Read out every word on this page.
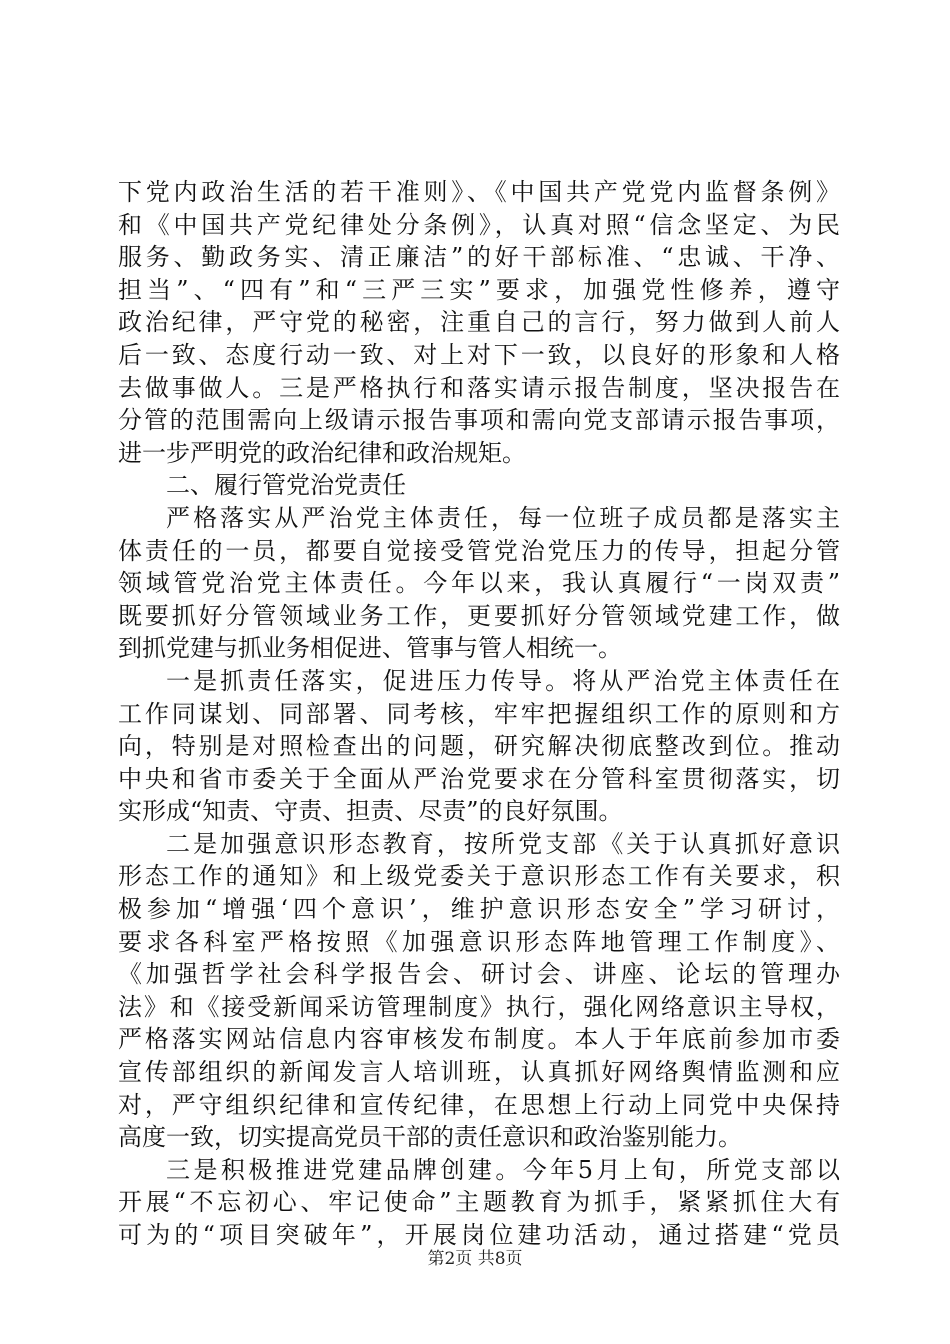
下党内政治生活的若干准则》、《中国共产党党内监督条例》
和《中国共产党纪律处分条例》，认真对照“信念坚定、为民
服务、勤政务实、清正廉洁”的好干部标准、“忠诚、干净、
担当”、“四有”和“三严三实”要求，加强党性修养，遵守
政治纪律，严守党的秘密，注重自己的言行，努力做到人前人
后一致、态度行动一致、对上对下一致，以良好的形象和人格
去做事做人。三是严格执行和落实请示报告制度，坚决报告在
分管的范围需向上级请示报告事项和需向党支部请示报告事项，
进一步严明党的政治纪律和政治规矩。
二、履行管党治党责任
严格落实从严治党主体责任，每一位班子成员都是落实主
体责任的一员，都要自觉接受管党治党压力的传导，担起分管
领域管党治党主体责任。今年以来，我认真履行“一岗双责”
既要抓好分管领域业务工作，更要抓好分管领域党建工作，做
到抓党建与抓业务相促进、管事与管人相统一。
一是抓责任落实，促进压力传导。将从严治党主体责任在
工作同谋划、同部署、同考核，牢牢把握组织工作的原则和方
向，特别是对照检查出的问题，研究解决彻底整改到位。推动
中央和省市委关于全面从严治党要求在分管科室贯彻落实，切
实形成“知责、守责、担责、尽责”的良好氛围。
二是加强意识形态教育，按所党支部《关于认真抓好意识
形态工作的通知》和上级党委关于意识形态工作有关要求，积
极参加“增强‘四个意识’，维护意识形态安全”学习研讨，
要求各科室严格按照《加强意识形态阵地管理工作制度》、
《加强哲学社会科学报告会、研讨会、讲座、论坛的管理办
法》和《接受新闻采访管理制度》执行，强化网络意识主导权，
严格落实网站信息内容审核发布制度。本人于年底前参加市委
宣传部组织的新闻发言人培训班，认真抓好网络舆情监测和应
对，严守组织纪律和宣传纪律，在思想上行动上同党中央保持
高度一致，切实提高党员干部的责任意识和政治鉴别能力。
三是积极推进党建品牌创建。今年5月上旬，所党支部以
开展“不忘初心、牢记使命”主题教育为抓手，紧紧抓住大有
可为的“项目突破年”，开展岗位建功活动，通过搭建“党员
第2页 共8页
